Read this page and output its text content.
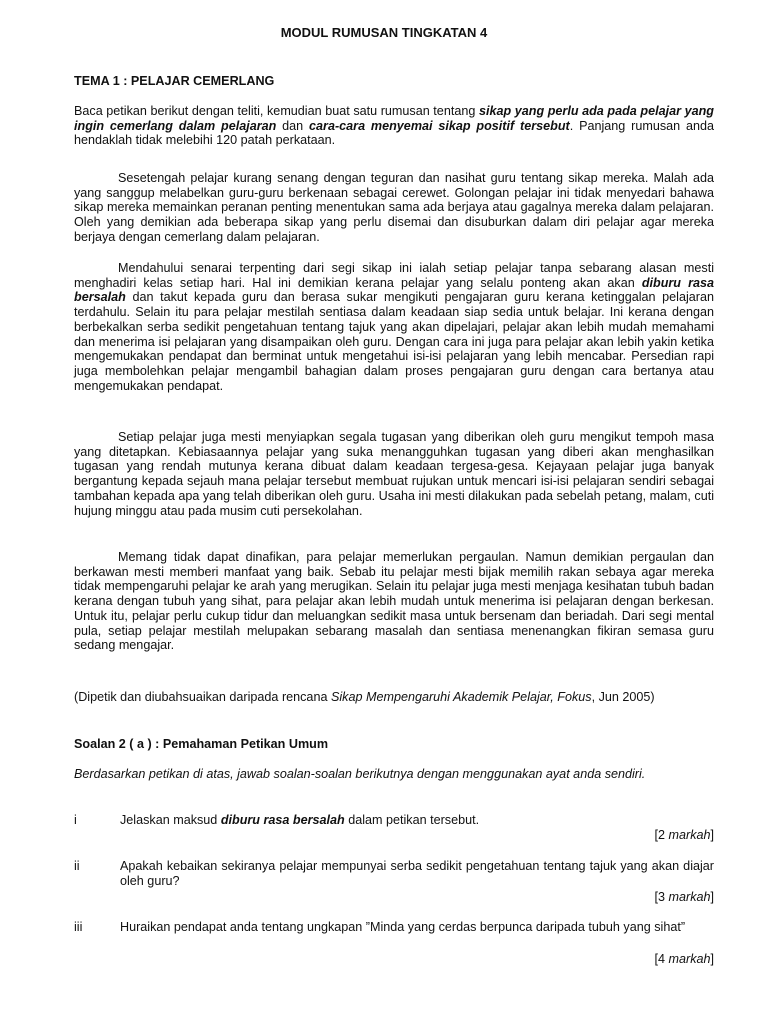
MODUL RUMUSAN TINGKATAN 4

TEMA 1 : PELAJAR CEMERLANG

Baca petikan berikut dengan teliti, kemudian buat satu rumusan tentang sikap yang perlu ada pada pelajar yang ingin cemerlang dalam pelajaran dan cara-cara menyemai sikap positif tersebut. Panjang rumusan anda hendaklah tidak melebihi 120 patah perkataan.

Sesetengah pelajar kurang senang dengan teguran dan nasihat guru tentang sikap mereka. Malah ada yang sanggup melabelkan guru-guru berkenaan sebagai cerewet. Golongan pelajar ini tidak menyedari bahawa sikap mereka memainkan peranan penting menentukan sama ada berjaya atau gagalnya mereka dalam pelajaran. Oleh yang demikian ada beberapa sikap yang perlu disemai dan disuburkan dalam diri pelajar agar mereka berjaya dengan cemerlang dalam pelajaran.

Mendahului senarai terpenting dari segi sikap ini ialah setiap pelajar tanpa sebarang alasan mesti menghadiri kelas setiap hari. Hal ini demikian kerana pelajar yang selalu ponteng akan akan diburu rasa bersalah dan takut kepada guru dan berasa sukar mengikuti pengajaran guru kerana ketinggalan pelajaran terdahulu. Selain itu para pelajar mestilah sentiasa dalam keadaan siap sedia untuk belajar. Ini kerana dengan berbekalkan serba sedikit pengetahuan tentang tajuk yang akan dipelajari, pelajar akan lebih mudah memahami dan menerima isi pelajaran yang disampaikan oleh guru. Dengan cara ini juga para pelajar akan lebih yakin ketika mengemukakan pendapat dan berminat untuk mengetahui isi-isi pelajaran yang lebih mencabar. Persedian rapi juga membolehkan pelajar mengambil bahagian dalam proses pengajaran guru dengan cara bertanya atau mengemukakan pendapat.

Setiap pelajar juga mesti menyiapkan segala tugasan yang diberikan oleh guru mengikut tempoh masa yang ditetapkan. Kebiasaannya pelajar yang suka menangguhkan tugasan yang diberi akan menghasilkan tugasan yang rendah mutunya kerana dibuat dalam keadaan tergesa-gesa. Kejayaan pelajar juga banyak bergantung kepada sejauh mana pelajar tersebut membuat rujukan untuk mencari isi-isi pelajaran sendiri sebagai tambahan kepada apa yang telah diberikan oleh guru. Usaha ini mesti dilakukan pada sebelah petang, malam, cuti hujung minggu atau pada musim cuti persekolahan.

Memang tidak dapat dinafikan, para pelajar memerlukan pergaulan. Namun demikian pergaulan dan berkawan mesti memberi manfaat yang baik. Sebab itu pelajar mesti bijak memilih rakan sebaya agar mereka tidak mempengaruhi pelajar ke arah yang merugikan. Selain itu pelajar juga mesti menjaga kesihatan tubuh badan kerana dengan tubuh yang sihat, para pelajar akan lebih mudah untuk menerima isi pelajaran dengan berkesan. Untuk itu, pelajar perlu cukup tidur dan meluangkan sedikit masa untuk bersenam dan beriadah. Dari segi mental pula, setiap pelajar mestilah melupakan sebarang masalah dan sentiasa menenangkan fikiran semasa guru sedang mengajar.

(Dipetik dan diubahsuaikan daripada rencana Sikap Mempengaruhi Akademik Pelajar, Fokus, Jun 2005)

Soalan 2 ( a ) : Pemahaman Petikan Umum

Berdasarkan petikan di atas, jawab soalan-soalan berikutnya dengan menggunakan ayat anda sendiri.

i	Jelaskan maksud diburu rasa bersalah dalam petikan tersebut.
[2 markah]
ii	Apakah kebaikan sekiranya pelajar mempunyai serba sedikit pengetahuan tentang tajuk yang akan diajar oleh guru?
[3 markah]
iii	Huraikan pendapat anda tentang ungkapan ”Minda yang cerdas berpunca daripada tubuh yang sihat”
[4 markah]
